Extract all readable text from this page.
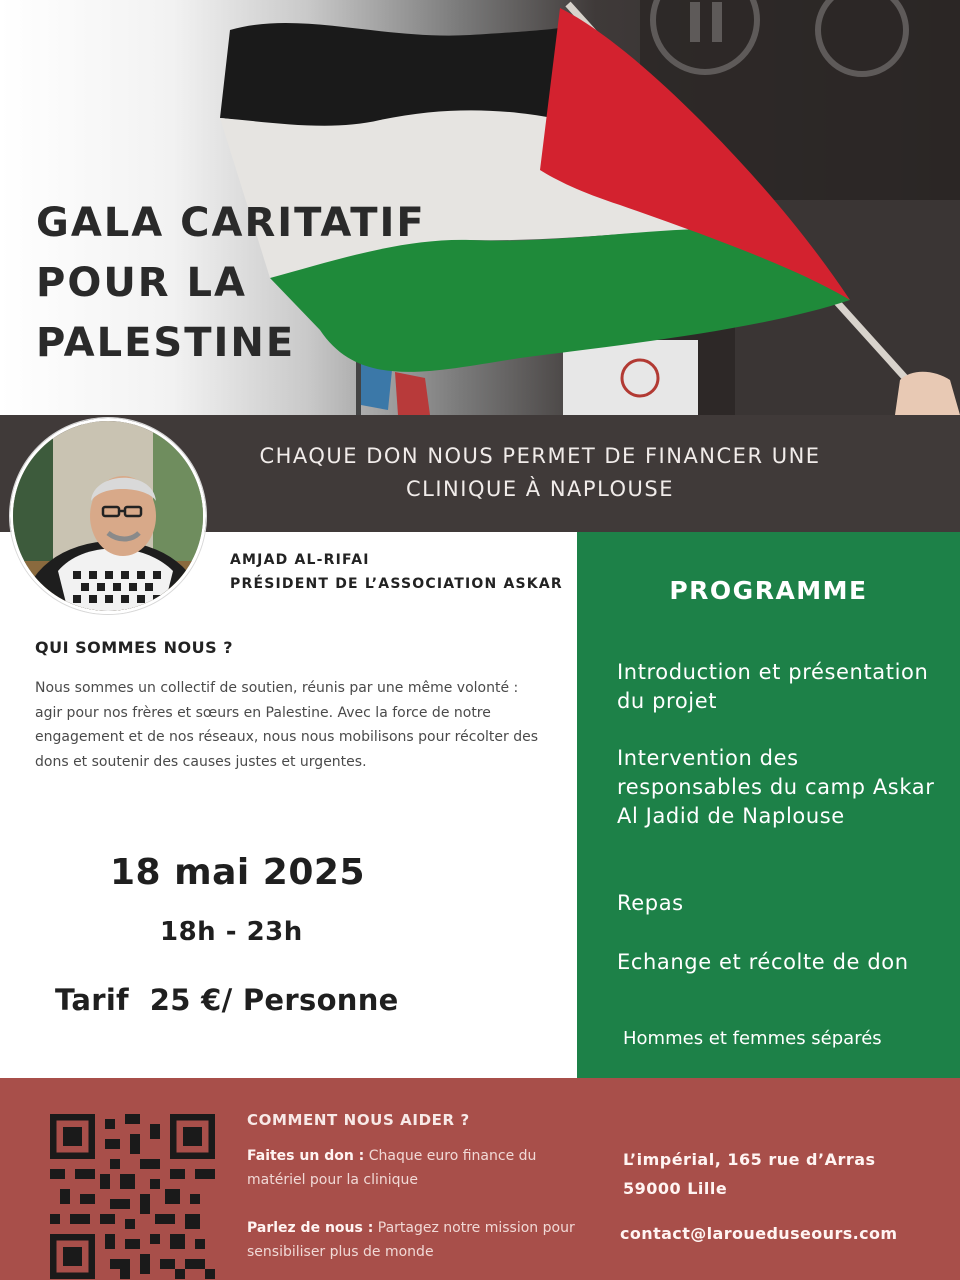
GALA CARITATIF
POUR LA
PALESTINE
CHAQUE DON NOUS PERMET DE FINANCER UNE
CLINIQUE À NAPLOUSE
AMJAD AL-RIFAI
PRÉSIDENT DE L’ASSOCIATION ASKAR	PROGRAMME
Introduction et présentation du projet
Intervention des responsables du camp Askar Al Jadid de Naplouse
Repas
Echange et récolte de don
Hommes et femmes séparés
QUI SOMMES NOUS ?
Nous sommes un collectif de soutien, réunis par une même volonté : agir pour nos frères et sœurs en Palestine. Avec la force de notre engagement et de nos réseaux, nous nous mobilisons pour récolter des dons et soutenir des causes justes et urgentes.
18 mai 2025
18h - 23h
Tarif  25 €/ Personne
COMMENT NOUS AIDER ?
Faites un don : Chaque euro finance du matériel pour la clinique
Parlez de nous : Partagez notre mission pour sensibiliser plus de monde
L’impérial, 165 rue d’Arras
59000 Lille
contact@laroueduseours.com
